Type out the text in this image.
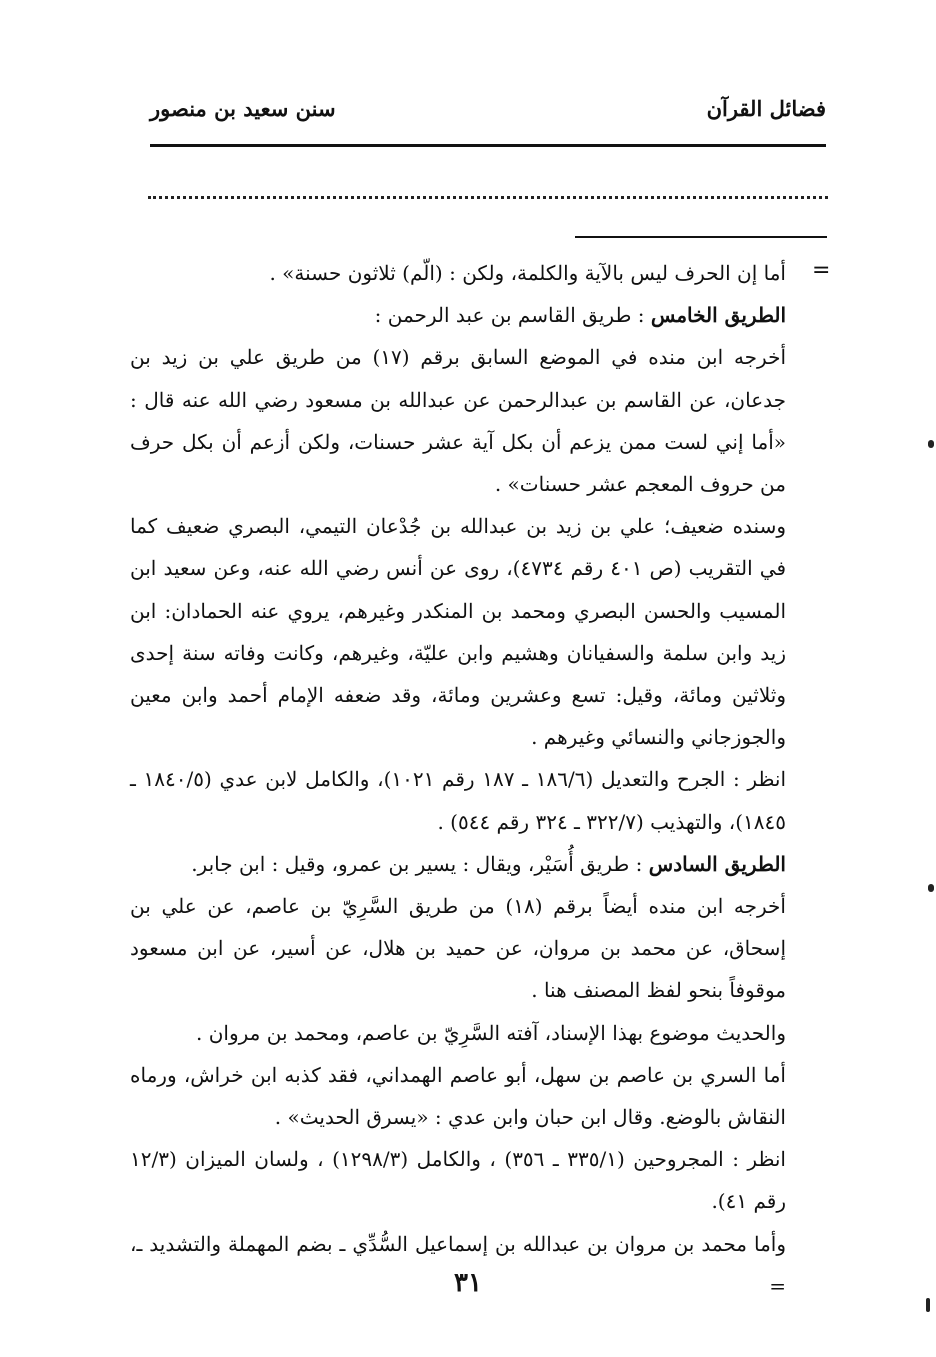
فضائل القرآن
سنن سعيد بن منصور
=

أما إن الحرف ليس بالآية والكلمة، ولكن : (الّم) ثلاثون حسنة» .

الطريق الخامس : طريق القاسم بن عبد الرحمن :

أخرجه ابن منده في الموضع السابق برقم (١٧) من طريق علي بن زيد بن جدعان، عن القاسم بن عبدالرحمن عن عبدالله بن مسعود رضي الله عنه قال : «أما إني لست ممن يزعم أن بكل آية عشر حسنات، ولكن أزعم أن بكل حرف من حروف المعجم عشر حسنات» .

وسنده ضعيف؛ علي بن زيد بن عبدالله بن جُدْعان التيمي، البصري ضعيف كما في التقريب (ص ٤٠١ رقم ٤٧٣٤)، روى عن أنس رضي الله عنه، وعن سعيد ابن المسيب والحسن البصري ومحمد بن المنكدر وغيرهم، يروي عنه الحمادان: ابن زيد وابن سلمة والسفيانان وهشيم وابن عليّة، وغيرهم، وكانت وفاته سنة إحدى وثلاثين ومائة، وقيل: تسع وعشرين ومائة، وقد ضعفه الإمام أحمد وابن معين والجوزجاني والنسائي وغيرهم .

انظر : الجرح والتعديل (١٨٦/٦ ـ ١٨٧ رقم ١٠٢١)، والكامل لابن عدي (١٨٤٠/٥ ـ ١٨٤٥)، والتهذيب (٣٢٢/٧ ـ ٣٢٤ رقم ٥٤٤) .

الطريق السادس : طريق أُسَيْر، ويقال : يسير بن عمرو، وقيل : ابن جابر.

أخرجه ابن منده أيضاً برقم (١٨) من طريق السَّرِيّ بن عاصم، عن علي بن إسحاق، عن محمد بن مروان، عن حميد بن هلال، عن أسير، عن ابن مسعود موقوفاً بنحو لفظ المصنف هنا .

والحديث موضوع بهذا الإسناد، آفته السَّرِيّ بن عاصم، ومحمد بن مروان .

أما السري بن عاصم بن سهل، أبو عاصم الهمداني، فقد كذبه ابن خراش، ورماه النقاش بالوضع. وقال ابن حبان وابن عدي : «يسرق الحديث» .

انظر : المجروحين (٣٣٥/١ ـ ٣٥٦) ، والكامل (١٢٩٨/٣) ، ولسان الميزان (١٢/٣ رقم ٤١).

وأما محمد بن مروان بن عبدالله بن إسماعيل السُّدِّي ـ بضم المهملة والتشديد ـ، =

٣١
